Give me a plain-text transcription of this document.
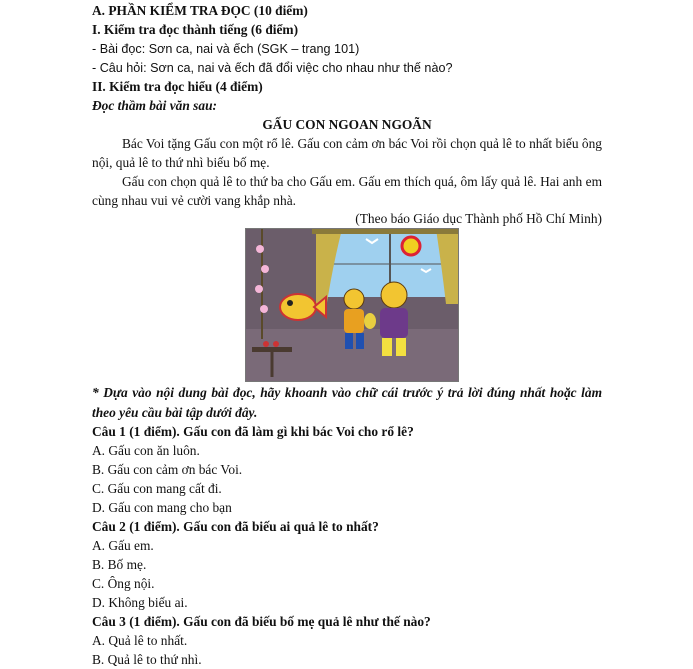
A. PHẦN KIỂM TRA ĐỌC (10 điểm)
I. Kiểm tra đọc thành tiếng (6 điểm)
- Bài đọc: Sơn ca, nai và ếch (SGK – trang 101)
- Câu hỏi: Sơn ca, nai và ếch đã đổi việc cho nhau như thế nào?
II. Kiểm tra đọc hiểu (4 điểm)
Đọc thầm bài văn sau:
GẤU CON NGOAN NGOÃN
Bác Voi tặng Gấu con một rổ lê. Gấu con cảm ơn bác Voi rồi chọn quả lê to nhất biếu ông nội, quả lê to thứ nhì biếu bố mẹ.
Gấu con chọn quả lê to thứ ba cho Gấu em. Gấu em thích quá, ôm lấy quả lê. Hai anh em cùng nhau vui vẻ cười vang khắp nhà.
(Theo báo Giáo dục Thành phố Hồ Chí Minh)
* Dựa vào nội dung bài đọc, hãy khoanh vào chữ cái trước ý trả lời đúng nhất hoặc làm theo yêu cầu bài tập dưới đây.
Câu 1 (1 điểm). Gấu con đã làm gì khi bác Voi cho rổ lê?
A. Gấu con ăn luôn.
B. Gấu con cảm ơn bác Voi.
C. Gấu con mang cất đi.
D. Gấu con mang cho bạn
Câu 2 (1 điểm). Gấu con đã biếu ai quả lê to nhất?
A. Gấu em.
B. Bố mẹ.
C. Ông nội.
D. Không biếu ai.
Câu 3 (1 điểm). Gấu con đã biếu bố mẹ quả lê như thế nào?
A. Quả lê to nhất.
B. Quả lê to thứ nhì.
